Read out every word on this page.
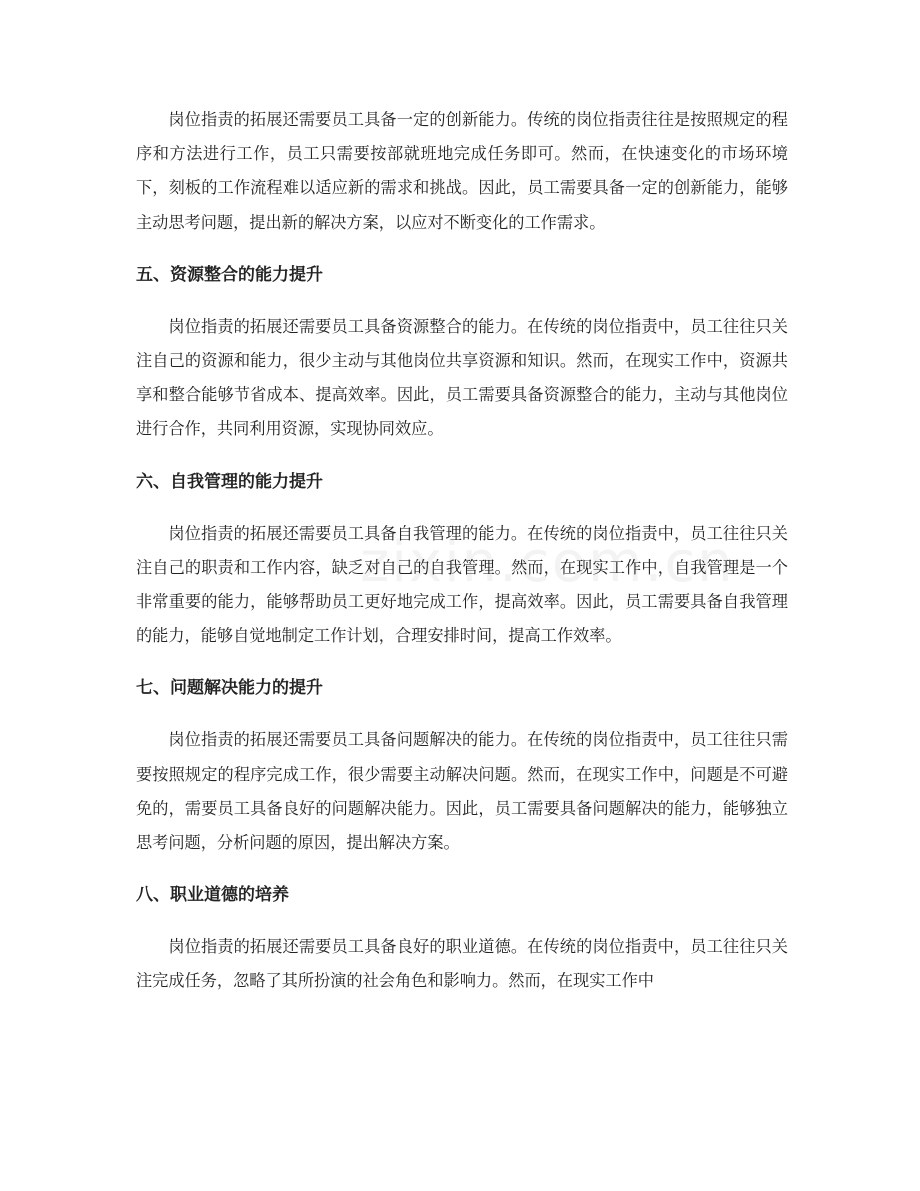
岗位指责的拓展还需要员工具备一定的创新能力。传统的岗位指责往往是按照规定的程序和方法进行工作，员工只需要按部就班地完成任务即可。然而，在快速变化的市场环境下，刻板的工作流程难以适应新的需求和挑战。因此，员工需要具备一定的创新能力，能够主动思考问题，提出新的解决方案，以应对不断变化的工作需求。

五、资源整合的能力提升

岗位指责的拓展还需要员工具备资源整合的能力。在传统的岗位指责中，员工往往只关注自己的资源和能力，很少主动与其他岗位共享资源和知识。然而，在现实工作中，资源共享和整合能够节省成本、提高效率。因此，员工需要具备资源整合的能力，主动与其他岗位进行合作，共同利用资源，实现协同效应。

六、自我管理的能力提升

岗位指责的拓展还需要员工具备自我管理的能力。在传统的岗位指责中，员工往往只关注自己的职责和工作内容，缺乏对自己的自我管理。然而，在现实工作中，自我管理是一个非常重要的能力，能够帮助员工更好地完成工作，提高效率。因此，员工需要具备自我管理的能力，能够自觉地制定工作计划，合理安排时间，提高工作效率。

七、问题解决能力的提升

岗位指责的拓展还需要员工具备问题解决的能力。在传统的岗位指责中，员工往往只需要按照规定的程序完成工作，很少需要主动解决问题。然而，在现实工作中，问题是不可避免的，需要员工具备良好的问题解决能力。因此，员工需要具备问题解决的能力，能够独立思考问题，分析问题的原因，提出解决方案。

八、职业道德的培养

岗位指责的拓展还需要员工具备良好的职业道德。在传统的岗位指责中，员工往往只关注完成任务，忽略了其所扮演的社会角色和影响力。然而，在现实工作中
